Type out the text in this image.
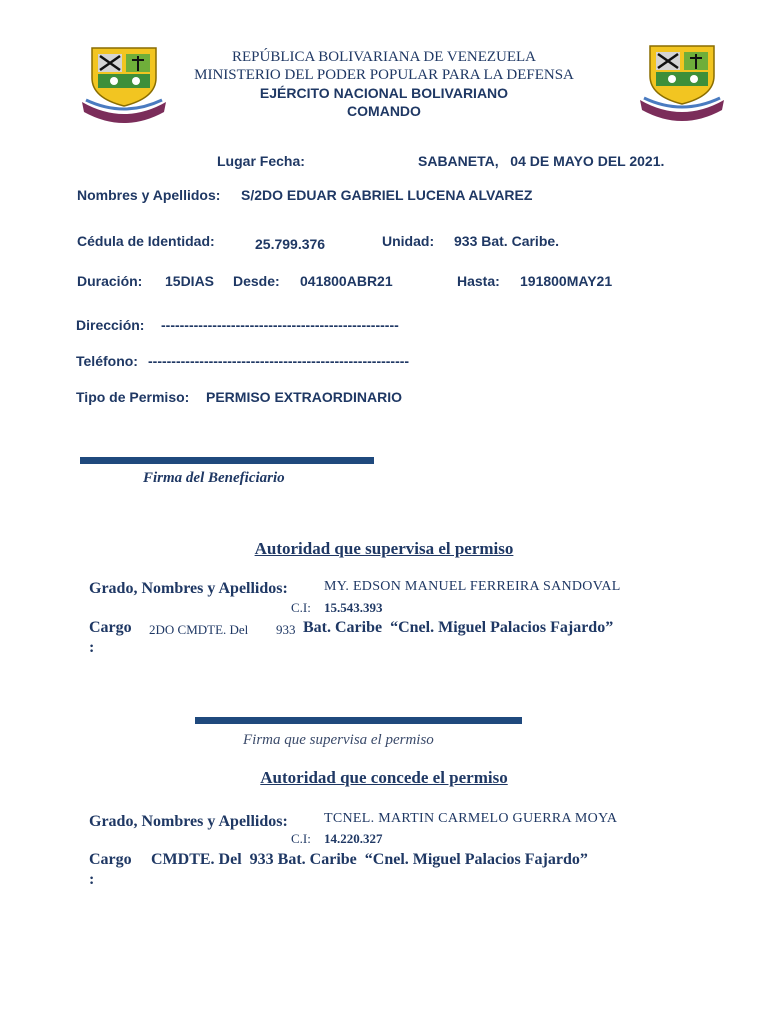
REPÚBLICA BOLIVARIANA DE VENEZUELA
MINISTERIO DEL PODER POPULAR PARA LA DEFENSA
EJÉRCITO NACIONAL BOLIVARIANO
COMANDO
Lugar Fecha:	SABANETA,   04 DE MAYO DEL 2021.
Nombres y Apellidos: S/2DO EDUAR GABRIEL LUCENA ALVAREZ
Cédula de Identidad:	25.799.376	Unidad: 933 Bat. Caribe.
Duración: 15DIAS Desde: 041800ABR21	Hasta: 191800MAY21
Dirección: ---------------------------------------------------
Teléfono: --------------------------------------------------------
Tipo de Permiso: PERMISO EXTRAORDINARIO
Firma del Beneficiario
Autoridad que supervisa el permiso
Grado, Nombres y Apellidos:	MY. EDSON MANUEL FERREIRA SANDOVAL
C.I: 15.543.393
Cargo
:
2DO CMDTE. Del 933 Bat. Caribe  “Cnel. Miguel Palacios Fajardo”
Firma que supervisa el permiso
Autoridad que concede el permiso
Grado, Nombres y Apellidos:	TCNEL. MARTIN CARMELO GUERRA MOYA
C.I: 14.220.327
Cargo
:
CMDTE. Del  933 Bat. Caribe  “Cnel. Miguel Palacios Fajardo”
